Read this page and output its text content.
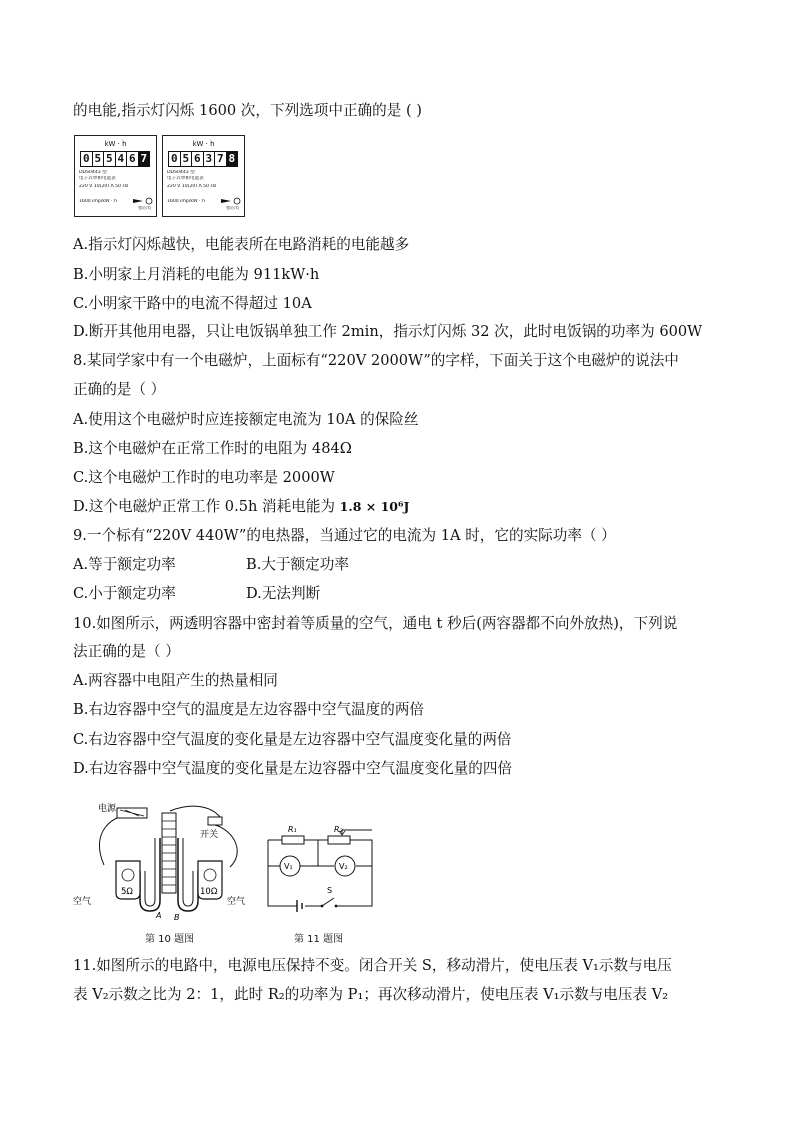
的电能,指示灯闪烁 1600 次，下列选项中正确的是 ( )
kW · h
0 5 5 4 6 7
DDS0443 型
电子式单相电能表
220 V 10(20) A 50 Hz
1600 imp/kW · h
指示灯
kW · h
0 5 6 3 7 8
DDS0443 型
电子式单相电能表
220 V 10(20) A 50 Hz
1600 imp/kW · h
指示灯
A.指示灯闪烁越快，电能表所在电路消耗的电能越多
B.小明家上月消耗的电能为 911kW·h
C.小明家干路中的电流不得超过 10A
D.断开其他用电器，只让电饭锅单独工作 2min，指示灯闪烁 32 次，此时电饭锅的功率为 600W
8.某同学家中有一个电磁炉，上面标有“220V 2000W”的字样，下面关于这个电磁炉的说法中
正确的是（ ）
A.使用这个电磁炉时应连接额定电流为 10A 的保险丝
B.这个电磁炉在正常工作时的电阻为 484Ω
C.这个电磁炉工作时的电功率是 2000W
D.这个电磁炉正常工作 0.5h 消耗电能为 1.8 × 10⁶J
9.一个标有“220V 440W”的电热器，当通过它的电流为 1A 时，它的实际功率（ ）
A.等于额定功率	B.大于额定功率
C.小于额定功率	D.无法判断
10.如图所示，两透明容器中密封着等质量的空气，通电 t 秒后(两容器都不向外放热)，下列说
法正确的是（ ）
A.两容器中电阻产生的热量相同
B.右边容器中空气的温度是左边容器中空气温度的两倍
C.右边容器中空气温度的变化量是左边容器中空气温度变化量的两倍
D.右边容器中空气温度的变化量是左边容器中空气温度变化量的四倍
电源
开关
空气	空气
5Ω	10Ω
A B
第 10 题图
R₁	R₂
V₁	V₂
S
第 11 题图
11.如图所示的电路中，电源电压保持不变。闭合开关 S，移动滑片，使电压表 V₁示数与电压
表 V₂示数之比为 2：1，此时 R₂的功率为 P₁；再次移动滑片，使电压表 V₁示数与电压表 V₂
